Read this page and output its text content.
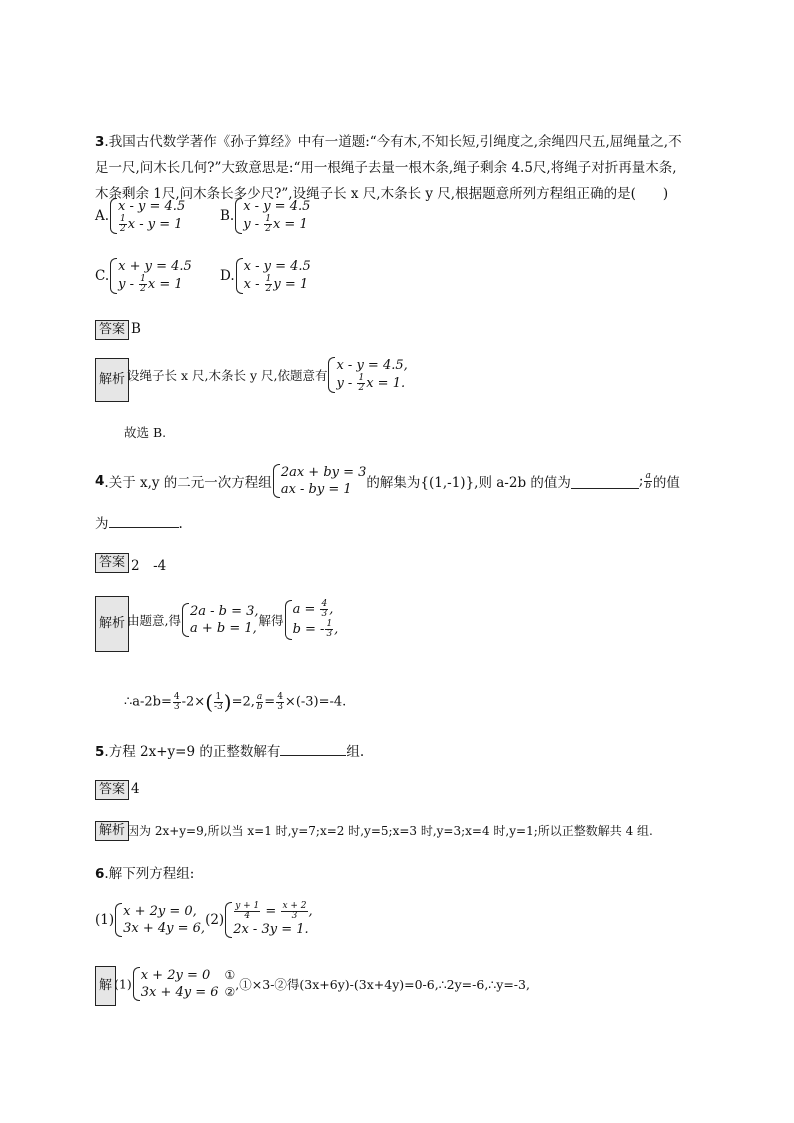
3.我国古代数学著作《孙子算经》中有一道题:“今有木,不知长短,引绳度之,余绳四尺五,屈绳量之,不
足一尺,问木长几何?”大致意思是:“用一根绳子去量一根木条,绳子剩余 4.5尺,将绳子对折再量木条,
木条剩余 1尺,问木条长多少尺?”,设绳子长 x 尺,木条长 y 尺,根据题意所列方程组正确的是(　　)
A.
x - y = 4.5
$\frac{1}{2}$ x - y = 1
B.
x - y = 4.5
y - $\frac{1}{2}$ x = 1
C.
x + y = 4.5
y - $\frac{1}{2}$ x = 1
D.
x - y = 4.5
x - $\frac{1}{2}$ y = 1
答案 B
解析 设绳子长 x 尺,木条长 y 尺,依题意有
x - y = 4.5,
y - $\frac{1}{2}$ x = 1.
故选 B.
4.关于 x,y 的二元一次方程组
2ax + by = 3
ax - by = 1	的解集为{(1,-1)},则 a-2b 的值为	; $\frac{a}{b}$ 的值
为	.
答案 2　-4
解析 由题意,得
2a - b = 3,
a + b = 1,
解得
$a = \frac{4}{3}$ ,
b = - $\frac{1}{3}$ ,
∴a-2b= $\frac{4}{3} -2\times( \frac{1}{-3} )=2$, $\frac{a}{b} = \frac{4}{3} \times(-3)=-4$.
5.方程 2x+y=9 的正整数解有	组.
答案 4
解析 因为 2x+y=9,所以当 x=1 时,y=7;x=2 时,y=5;x=3 时,y=3;x=4 时,y=1;所以正整数解共 4 组.
6.解下列方程组:
(1)
x + 2y = 0,
3x + 4y = 6,
$(2) \frac{y + 1}{4} = \frac{x + 2}{3}$ ,
2x - 3y = 1.
解 (1)
x + 2y = 0
3x + 4y = 6
①
② ,①×3-②得(3x+6y)-(3x+4y)=0-6,∴2y=-6,∴y=-3,
